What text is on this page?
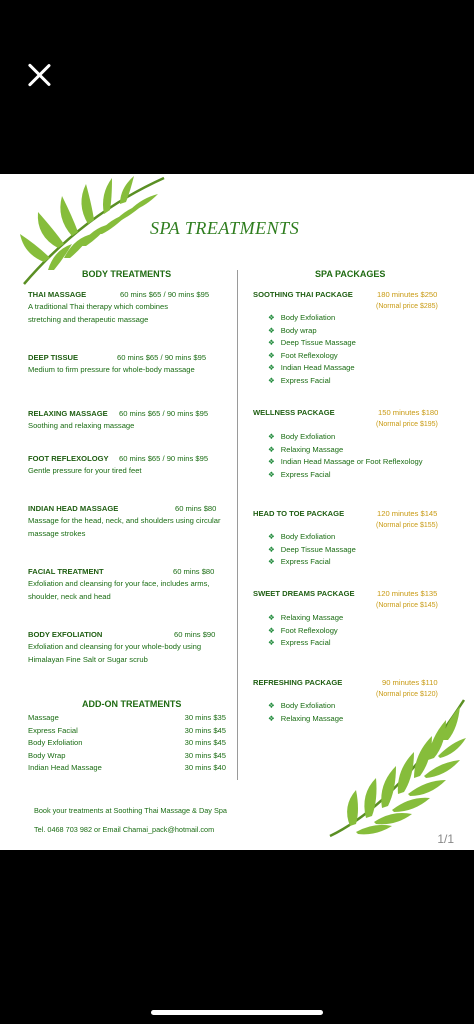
SPA TREATMENTS
BODY TREATMENTS
THAI MASSAGE	60 mins $65 / 90 mins $95
A traditional Thai therapy which combines stretching and therapeutic massage
DEEP TISSUE	60 mins $65 / 90 mins $95
Medium to firm pressure for whole-body massage
RELAXING MASSAGE 60 mins $65 / 90 mins $95
Soothing and relaxing massage
FOOT REFLEXOLOGY 60 mins $65 / 90 mins $95
Gentle pressure for your tired feet
INDIAN HEAD MASSAGE	60 mins $80
Massage for the head, neck, and shoulders using circular massage strokes
FACIAL TREATMENT	60 mins $80
Exfoliation and cleansing for your face, includes arms, shoulder, neck and head
BODY EXFOLIATION	60 mins $90
Exfoliation and cleansing for your whole-body using Himalayan Fine Salt or Sugar scrub
ADD-ON TREATMENTS
Massage	30 mins $35
Express Facial	30 mins $45
Body Exfoliation	30 mins $45
Body Wrap	30 mins $45
Indian Head Massage	30 mins $40
SPA PACKAGES
SOOTHING THAI PACKAGE	180 minutes $250
(Normal price $285)
❖ Body Exfoliation
❖ Body wrap
❖ Deep Tissue Massage
❖ Foot Reflexology
❖ Indian Head Massage
❖ Express Facial
WELLNESS PACKAGE	150 minutes $180
(Normal price $195)
❖ Body Exfoliation
❖ Relaxing Massage
❖ Indian Head Massage or Foot Reflexology
❖ Express Facial
HEAD TO TOE PACKAGE	120 minutes $145
(Normal price $155)
❖ Body Exfoliation
❖ Deep Tissue Massage
❖ Express Facial
SWEET DREAMS PACKAGE	120 minutes $135
(Normal price $145)
❖ Relaxing Massage
❖ Foot Reflexology
❖ Express Facial
REFRESHING PACKAGE	90 minutes $110
(Normal price $120)
❖ Body Exfoliation
❖ Relaxing Massage
Book your treatments at Soothing Thai Massage & Day Spa
Tel. 0468 703 982 or Email Chamai_pack@hotmail.com
1/1
